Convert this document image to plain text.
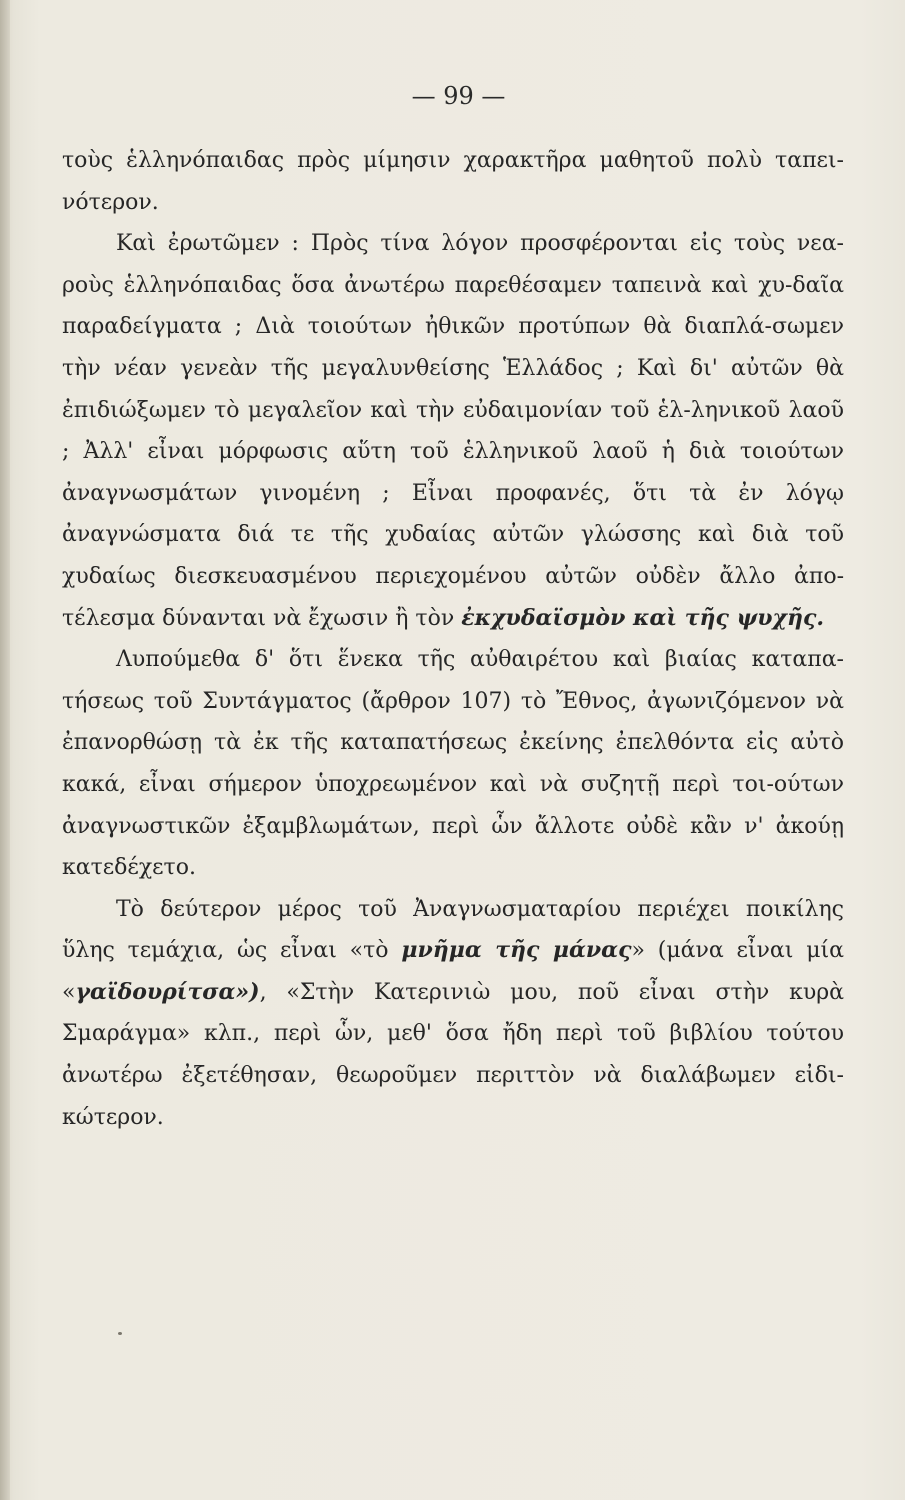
— 99 —

τοὺς ἑλληνόπαιδας πρὸς μίμησιν χαρακτῆρα μαθητοῦ πολὺ ταπει-νότερον.

Καὶ ἐρωτῶμεν : Πρὸς τίνα λόγον προσφέρονται εἰς τοὺς νεα-ροὺς ἑλληνόπαιδας ὅσα ἀνωτέρω παρεθέσαμεν ταπεινὰ καὶ χυ-δαῖα παραδείγματα ; Διὰ τοιούτων ἠθικῶν προτύπων θὰ διαπλά-σωμεν τὴν νέαν γενεὰν τῆς μεγαλυνθείσης Ἑλλάδος ; Καὶ δι' αὐτῶν θὰ ἐπιδιώξωμεν τὸ μεγαλεῖον καὶ τὴν εὐδαιμονίαν τοῦ ἑλ-ληνικοῦ λαοῦ ; Ἀλλ' εἶναι μόρφωσις αὕτη τοῦ ἑλληνικοῦ λαοῦ ἡ διὰ τοιούτων ἀναγνωσμάτων γινομένη ; Εἶναι προφανές, ὅτι τὰ ἐν λόγῳ ἀναγνώσματα διά τε τῆς χυδαίας αὐτῶν γλώσσης καὶ διὰ τοῦ χυδαίως διεσκευασμένου περιεχομένου αὐτῶν οὐδὲν ἄλλο ἀπο-τέλεσμα δύνανται νὰ ἔχωσιν ἢ τὸν ἐκχυδαϊσμὸν καὶ τῆς ψυχῆς.

Λυπούμεθα δ' ὅτι ἕνεκα τῆς αὐθαιρέτου καὶ βιαίας καταπα-τήσεως τοῦ Συντάγματος (ἄρθρον 107) τὸ Ἔθνος, ἀγωνιζόμενον νὰ ἐπανορθώσῃ τὰ ἐκ τῆς καταπατήσεως ἐκείνης ἐπελθόντα εἰς αὐτὸ κακά, εἶναι σήμερον ὑποχρεωμένον καὶ νὰ συζητῇ περὶ τοι-ούτων ἀναγνωστικῶν ἐξαμβλωμάτων, περὶ ὧν ἄλλοτε οὐδὲ κἂν ν' ἀκούῃ κατεδέχετο.

Τὸ δεύτερον μέρος τοῦ Ἀναγνωσματαρίου περιέχει ποικίλης ὕλης τεμάχια, ὡς εἶναι «τὸ μνῆμα τῆς μάνας» (μάνα εἶναι μία «γαϊδουρίτσα»), «Στὴν Κατερινιὼ μου, ποῦ εἶναι στὴν κυρὰ Σμαράγμα» κλπ., περὶ ὧν, μεθ' ὅσα ἤδη περὶ τοῦ βιβλίου τούτου ἀνωτέρω ἐξετέθησαν, θεωροῦμεν περιττὸν νὰ διαλάβωμεν εἰδι-κώτερον.
